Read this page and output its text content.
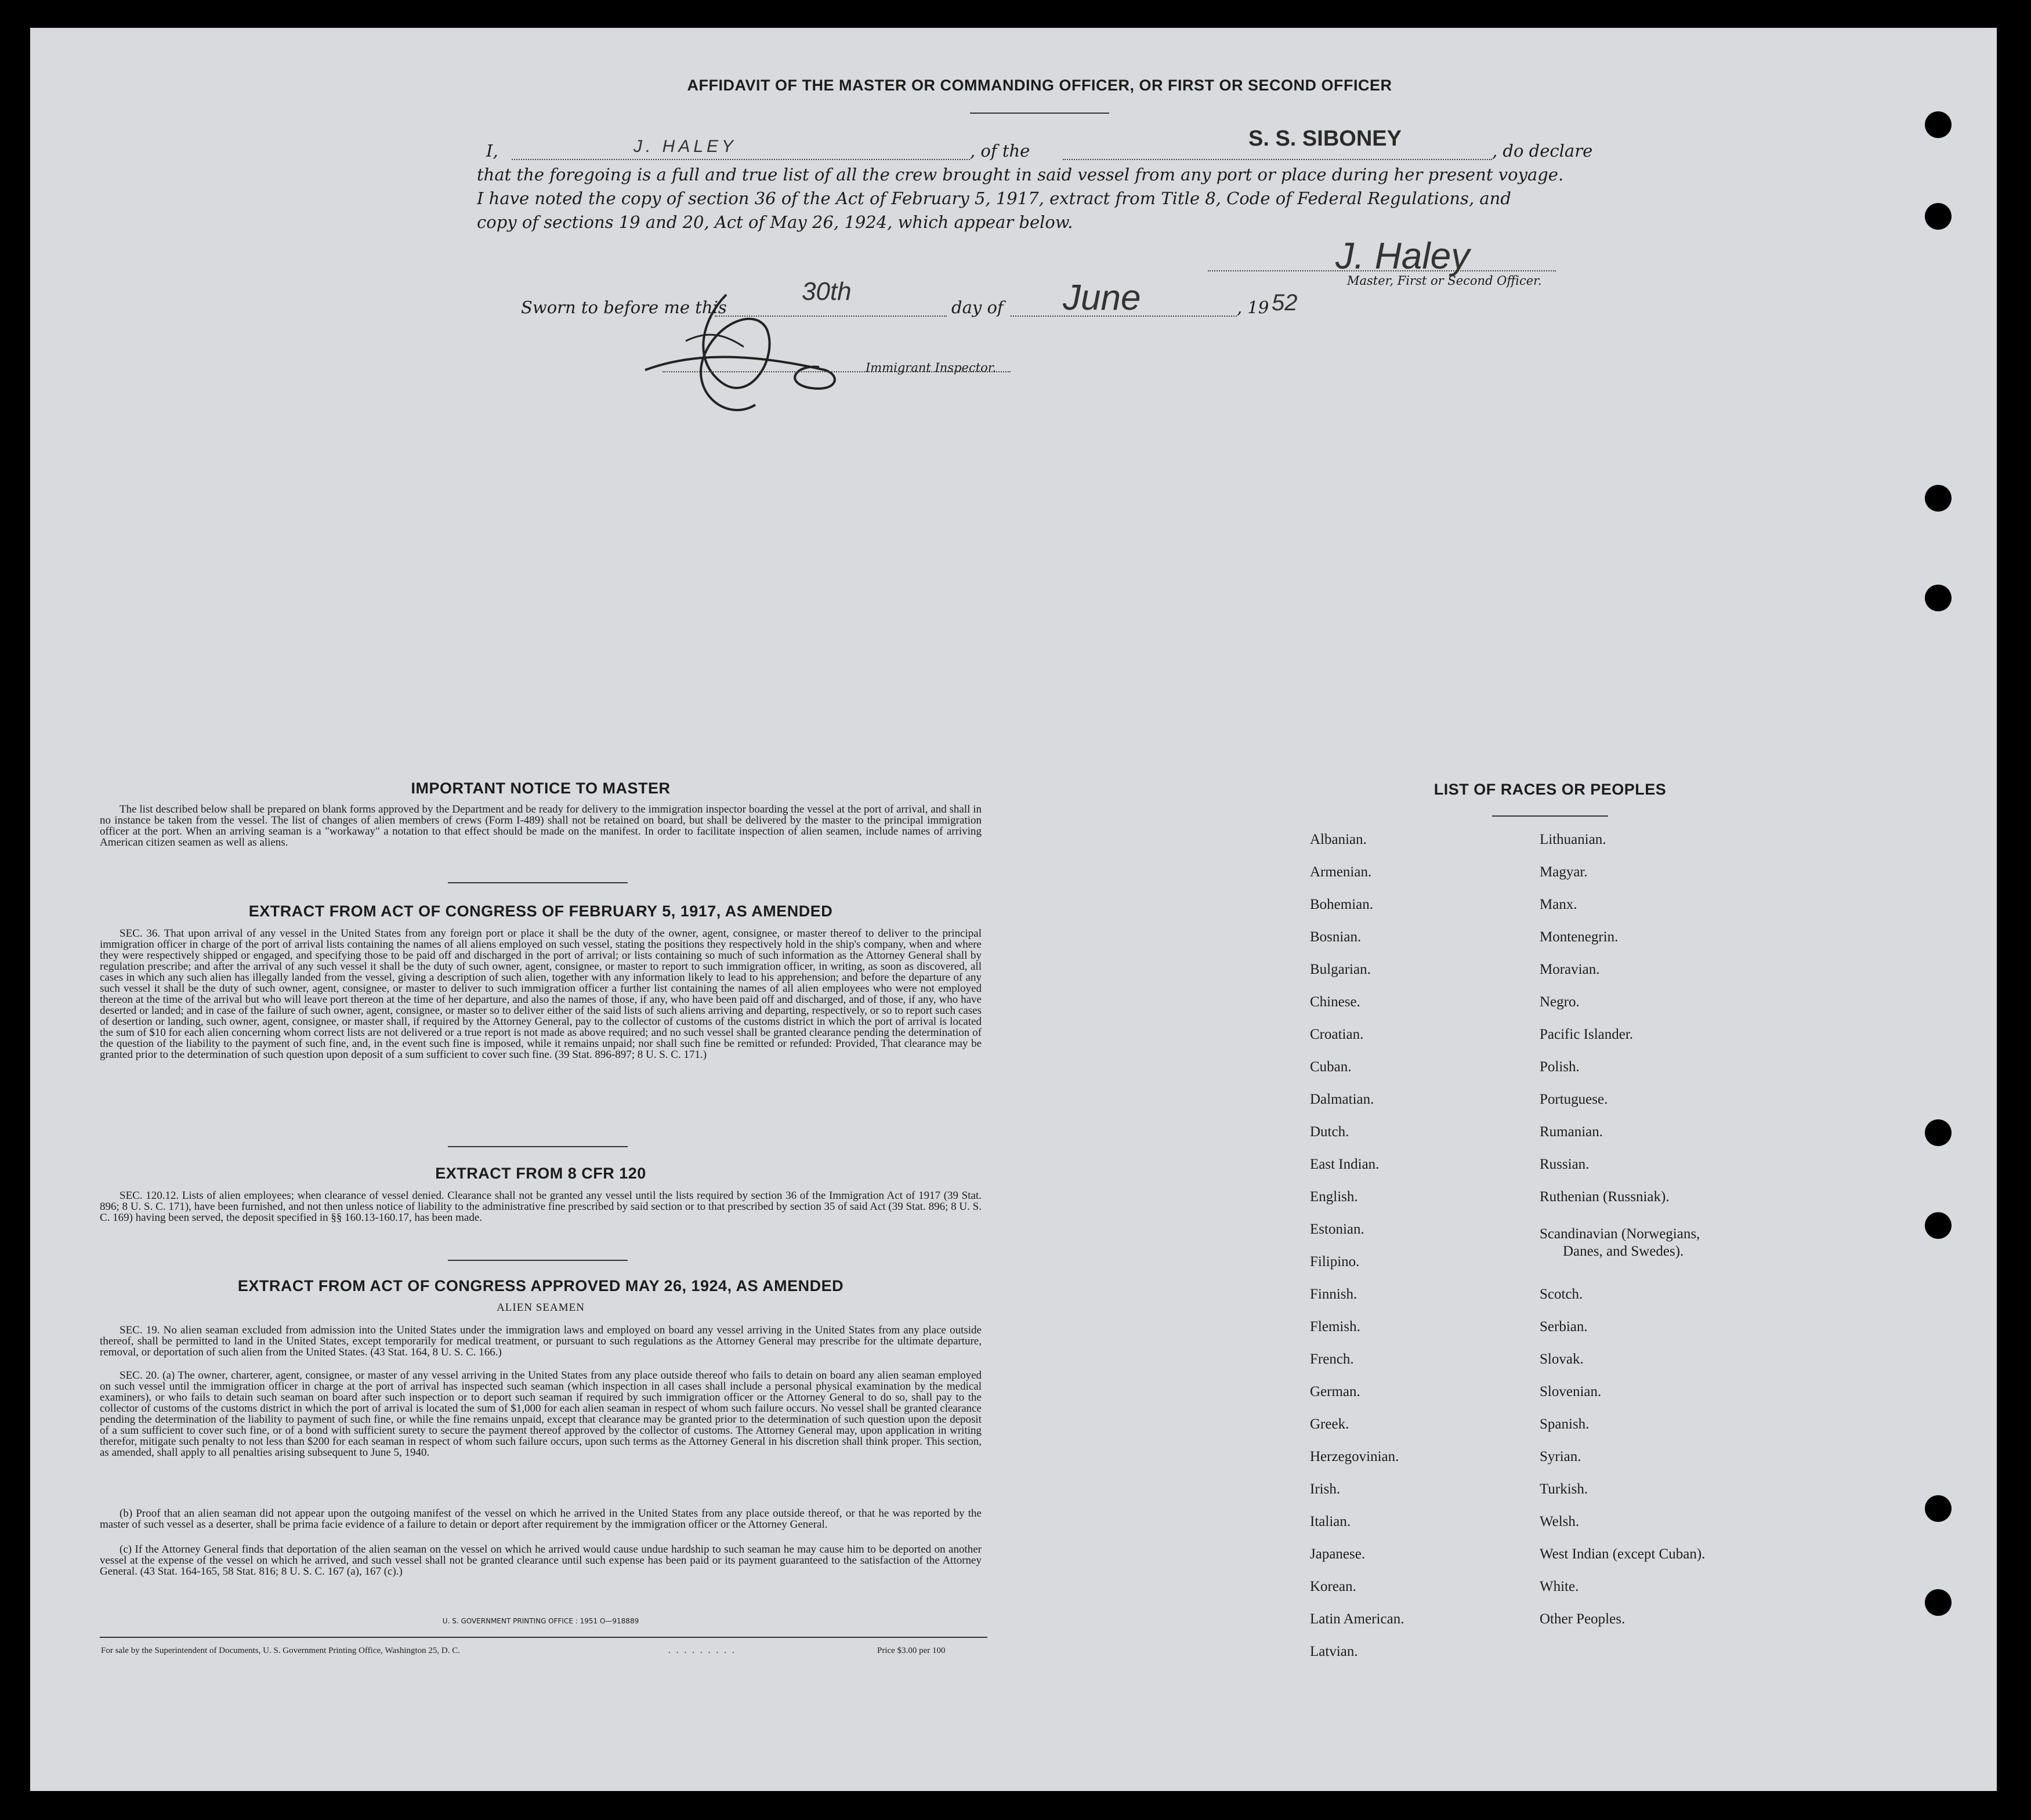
AFFIDAVIT OF THE MASTER OR COMMANDING OFFICER, OR FIRST OR SECOND OFFICER
I,	J. HALEY	, of the	S. S. SIBONEY	, do declare
that the foregoing is a full and true list of all the crew brought in said vessel from any port or place during her present voyage.
I have noted the copy of section 36 of the Act of February 5, 1917, extract from Title 8, Code of Federal Regulations, and
copy of sections 19 and 20, Act of May 26, 1924, which appear below.
J. Haley
Master, First or Second Officer.
Sworn to before me this
30th
day of June	, 19 52
Immigrant Inspector.
IMPORTANT NOTICE TO MASTER
The list described below shall be prepared on blank forms approved by the Department and be ready for delivery to the immigration inspector boarding the vessel at the port of arrival, and shall in no instance be taken from the vessel. The list of changes of alien members of crews (Form I-489) shall not be retained on board, but shall be delivered by the master to the principal immigration officer at the port. When an arriving seaman is a "workaway" a notation to that effect should be made on the manifest. In order to facilitate inspection of alien seamen, include names of arriving American citizen seamen as well as aliens.
EXTRACT FROM ACT OF CONGRESS OF FEBRUARY 5, 1917, AS AMENDED
SEC. 36. That upon arrival of any vessel in the United States from any foreign port or place it shall be the duty of the owner, agent, consignee, or master thereof to deliver to the principal immigration officer in charge of the port of arrival lists containing the names of all aliens employed on such vessel, stating the positions they respectively hold in the ship's company, when and where they were respectively shipped or engaged, and specifying those to be paid off and discharged in the port of arrival; or lists containing so much of such information as the Attorney General shall by regulation prescribe; and after the arrival of any such vessel it shall be the duty of such owner, agent, consignee, or master to report to such immigration officer, in writing, as soon as discovered, all cases in which any such alien has illegally landed from the vessel, giving a description of such alien, together with any information likely to lead to his apprehension; and before the departure of any such vessel it shall be the duty of such owner, agent, consignee, or master to deliver to such immigration officer a further list containing the names of all alien employees who were not employed thereon at the time of the arrival but who will leave port thereon at the time of her departure, and also the names of those, if any, who have been paid off and discharged, and of those, if any, who have deserted or landed; and in case of the failure of such owner, agent, consignee, or master so to deliver either of the said lists of such aliens arriving and departing, respectively, or so to report such cases of desertion or landing, such owner, agent, consignee, or master shall, if required by the Attorney General, pay to the collector of customs of the customs district in which the port of arrival is located the sum of $10 for each alien concerning whom correct lists are not delivered or a true report is not made as above required; and no such vessel shall be granted clearance pending the determination of the question of the liability to the payment of such fine, and, in the event such fine is imposed, while it remains unpaid; nor shall such fine be remitted or refunded: Provided, That clearance may be granted prior to the determination of such question upon deposit of a sum sufficient to cover such fine. (39 Stat. 896-897; 8 U. S. C. 171.)
EXTRACT FROM 8 CFR 120
SEC. 120.12. Lists of alien employees; when clearance of vessel denied. Clearance shall not be granted any vessel until the lists required by section 36 of the Immigration Act of 1917 (39 Stat. 896; 8 U. S. C. 171), have been furnished, and not then unless notice of liability to the administrative fine prescribed by said section or to that prescribed by section 35 of said Act (39 Stat. 896; 8 U. S. C. 169) having been served, the deposit specified in §§ 160.13-160.17, has been made.
EXTRACT FROM ACT OF CONGRESS APPROVED MAY 26, 1924, AS AMENDED
ALIEN SEAMEN
SEC. 19. No alien seaman excluded from admission into the United States under the immigration laws and employed on board any vessel arriving in the United States from any place outside thereof, shall be permitted to land in the United States, except temporarily for medical treatment, or pursuant to such regulations as the Attorney General may prescribe for the ultimate departure, removal, or deportation of such alien from the United States. (43 Stat. 164, 8 U. S. C. 166.)
SEC. 20. (a) The owner, charterer, agent, consignee, or master of any vessel arriving in the United States from any place outside thereof who fails to detain on board any alien seaman employed on such vessel until the immigration officer in charge at the port of arrival has inspected such seaman (which inspection in all cases shall include a personal physical examination by the medical examiners), or who fails to detain such seaman on board after such inspection or to deport such seaman if required by such immigration officer or the Attorney General to do so, shall pay to the collector of customs of the customs district in which the port of arrival is located the sum of $1,000 for each alien seaman in respect of whom such failure occurs. No vessel shall be granted clearance pending the determination of the liability to payment of such fine, or while the fine remains unpaid, except that clearance may be granted prior to the determination of such question upon the deposit of a sum sufficient to cover such fine, or of a bond with sufficient surety to secure the payment thereof approved by the collector of customs. The Attorney General may, upon application in writing therefor, mitigate such penalty to not less than $200 for each seaman in respect of whom such failure occurs, upon such terms as the Attorney General in his discretion shall think proper. This section, as amended, shall apply to all penalties arising subsequent to June 5, 1940.
(b) Proof that an alien seaman did not appear upon the outgoing manifest of the vessel on which he arrived in the United States from any place outside thereof, or that he was reported by the master of such vessel as a deserter, shall be prima facie evidence of a failure to detain or deport after requirement by the immigration officer or the Attorney General.
(c) If the Attorney General finds that deportation of the alien seaman on the vessel on which he arrived would cause undue hardship to such seaman he may cause him to be deported on another vessel at the expense of the vessel on which he arrived, and such vessel shall not be granted clearance until such expense has been paid or its payment guaranteed to the satisfaction of the Attorney General. (43 Stat. 164-165, 58 Stat. 816; 8 U. S. C. 167 (a), 167 (c).)
U. S. GOVERNMENT PRINTING OFFICE : 1951 O—918889
For sale by the Superintendent of Documents, U. S. Government Printing Office, Washington 25, D. C.	.........	Price $3.00 per 100
LIST OF RACES OR PEOPLES
Albanian.
Armenian.
Bohemian.
Bosnian.
Bulgarian.
Chinese.
Croatian.
Cuban.
Dalmatian.
Dutch.
East Indian.
English.
Estonian.
Filipino.
Finnish.
Flemish.
French.
German.
Greek.
Herzegovinian.
Irish.
Italian.
Japanese.
Korean.
Latin American.
Latvian.
Lithuanian.
Magyar.
Manx.
Montenegrin.
Moravian.
Negro.
Pacific Islander.
Polish.
Portuguese.
Rumanian.
Russian.
Ruthenian (Russniak).
Scandinavian (Norwegians,
Danes, and Swedes).
Scotch.
Serbian.
Slovak.
Slovenian.
Spanish.
Syrian.
Turkish.
Welsh.
West Indian (except Cuban).
White.
Other Peoples.
